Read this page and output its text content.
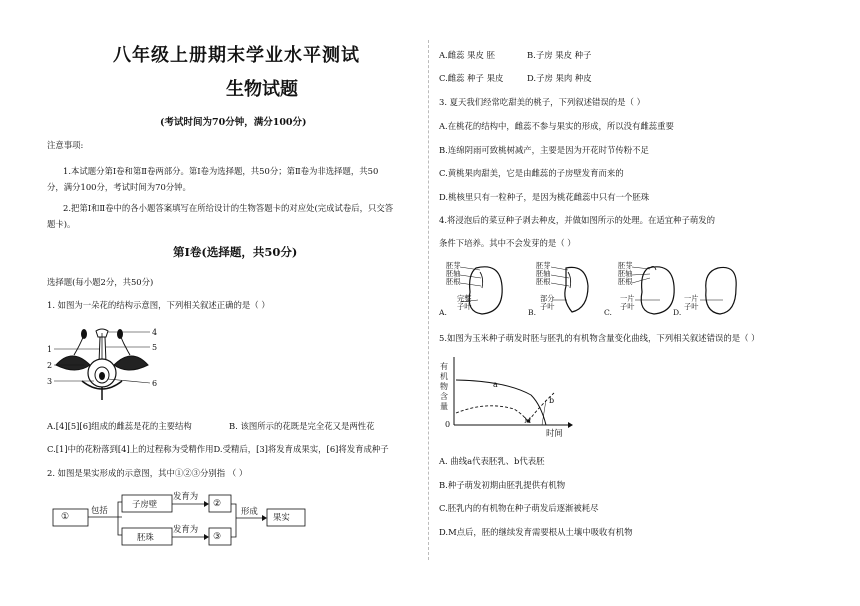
八年级上册期末学业水平测试
生物试题
(考试时间为70分钟，满分100分)
注意事项:
1.本试题分第Ⅰ卷和第Ⅱ卷两部分。第Ⅰ卷为选择题，共50分；第Ⅱ卷为非选择题，共50
分，满分100分，考试时间为70分钟。
2.把第Ⅰ和Ⅱ卷中的各小题答案填写在所给设计的生物答题卡的对应处(完成试卷后，只交答
题卡)。
第Ⅰ卷(选择题，共50分)
选择题(每小题2分，共50分)
1. 如图为一朵花的结构示意图，下列相关叙述正确的是（ ）
1
2
3
4
5
6
A.[4][5][6]组成的雌蕊是花的主要结构	B. 该图所示的花既是完全花又是两性花
C.[1]中的花粉落到[4]上的过程称为受精作用D.受精后，[3]将发育成果实，[6]将发育成种子
2. 如图是果实形成的示意图，其中①②③分别指 （ ）
①
包括
子房壁
胚珠
发育为
发育为
②
③
形成
果实
A.雌蕊 果皮 胚	B.子房 果皮 种子
C.雌蕊 种子 果皮	D.子房 果肉 种皮
3. 夏天我们经常吃甜美的桃子，下列叙述错误的是（ ）
A.在桃花的结构中，雌蕊不参与果实的形成，所以没有雌蕊重要
B.连绵阴雨可致桃树减产，主要是因为开花时节传粉不足
C.黄桃果肉甜美，它是由雌蕊的子房壁发育而来的
D.桃核里只有一粒种子，是因为桃花雌蕊中只有一个胚珠
4.将浸泡后的菜豆种子剥去种皮，并做如图所示的处理。在适宜种子萌发的
条件下培养。其中不会发芽的是（ ）
胚芽
胚轴
胚根
完整
子叶
A.
胚芽
胚轴
胚根
部分
子叶
B.
胚芽
胚轴
胚根
一片
子叶
C.
一片
子叶
D.
5.如图为玉米种子萌发时胚与胚乳的有机物含量变化曲线，下列相关叙述错误的是（ ）
有
机
物
含
量
0
a
b
M
时间
A. 曲线a代表胚乳、b代表胚
B.种子萌发初期由胚乳提供有机物
C.胚乳内的有机物在种子萌发后逐渐被耗尽
D.M点后，胚的继续发育需要根从土壤中吸收有机物
